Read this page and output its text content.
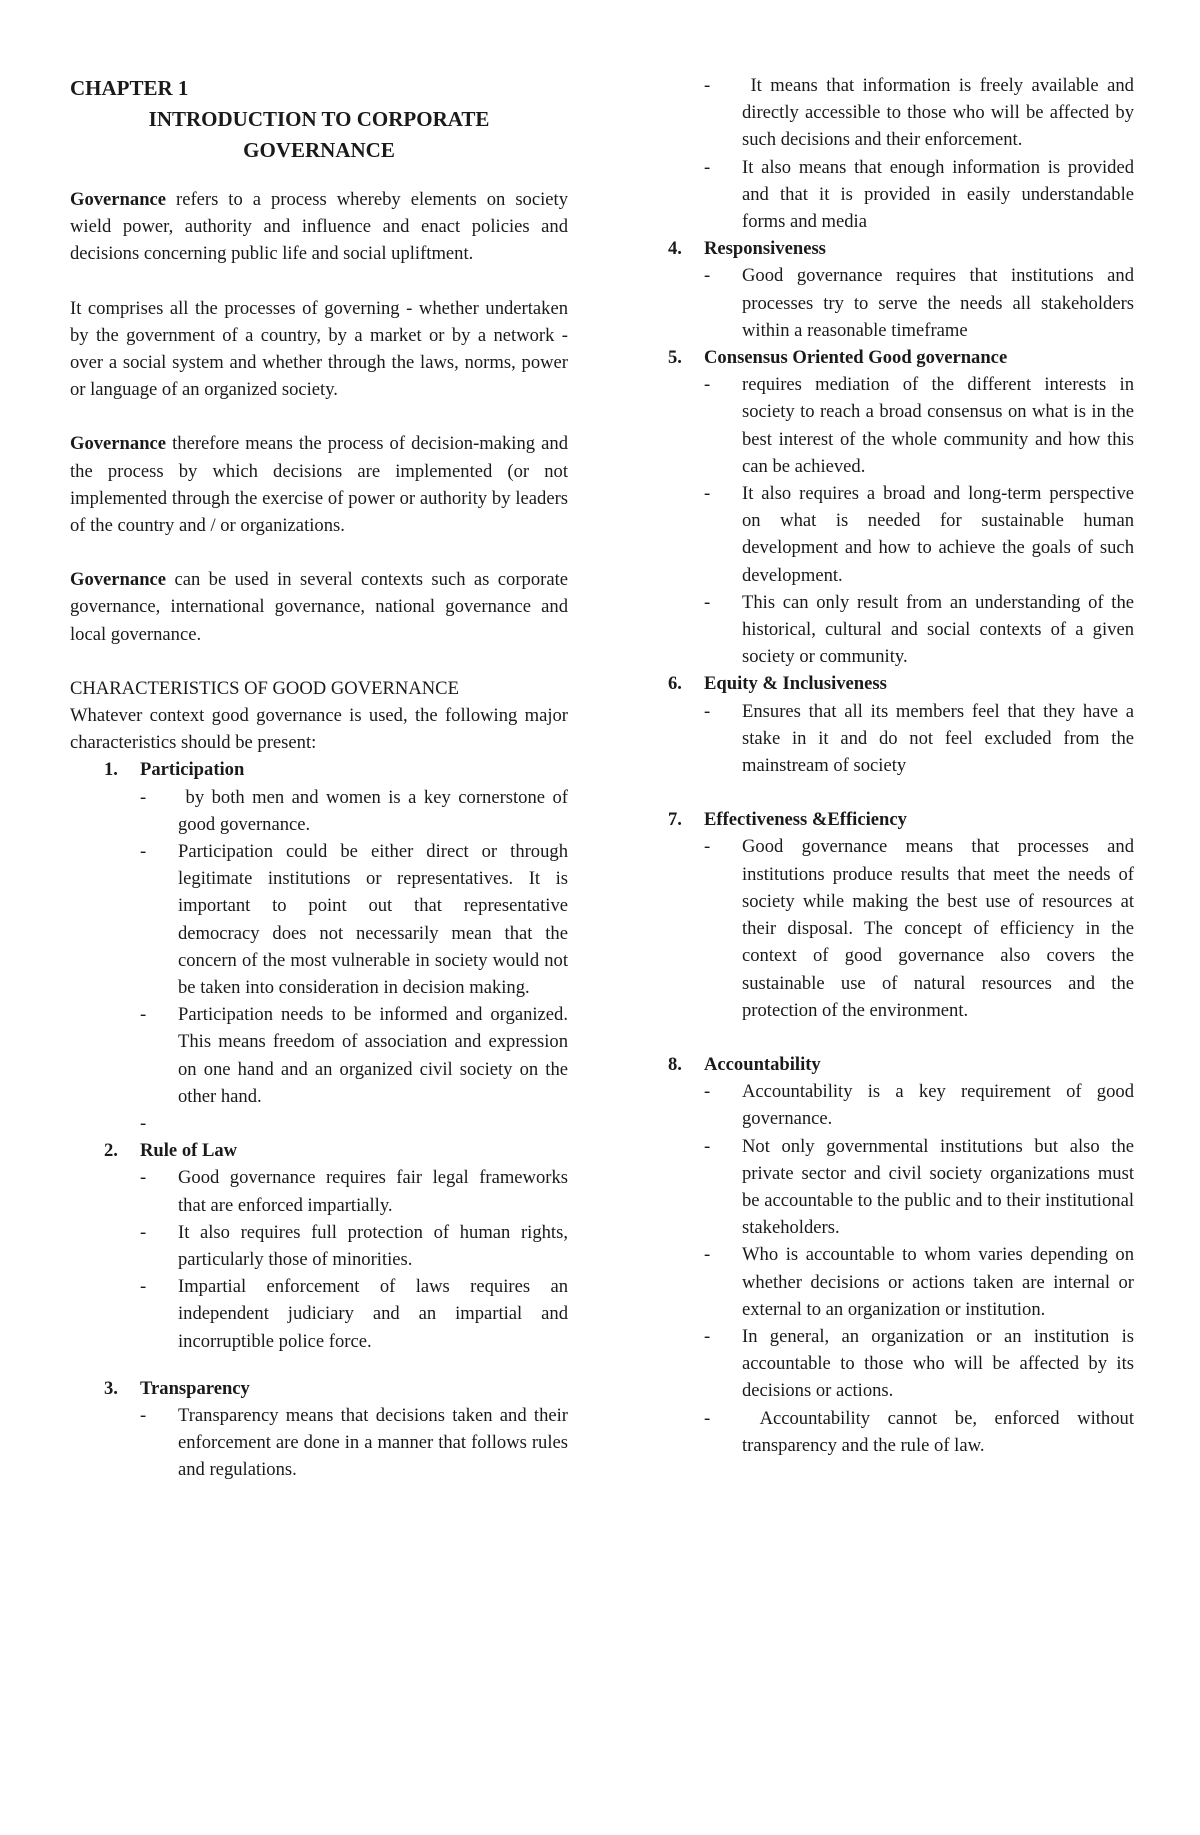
CHAPTER 1
INTRODUCTION TO CORPORATE
GOVERNANCE

Governance refers to a process whereby elements on society wield power, authority and influence and enact policies and decisions concerning public life and social upliftment.

It comprises all the processes of governing - whether undertaken by the government of a country, by a market or by a network - over a social system and whether through the laws, norms, power or language of an organized society.

Governance therefore means the process of decision-making and the process by which decisions are implemented (or not implemented through the exercise of power or authority by leaders of the country and / or organizations.

Governance can be used in several contexts such as corporate governance, international governance, national governance and local governance.

CHARACTERISTICS OF GOOD GOVERNANCE

Whatever context good governance is used, the following major characteristics should be present:

1. Participation
- by both men and women is a key cornerstone of good governance.
- Participation could be either direct or through legitimate institutions or representatives. It is important to point out that representative democracy does not necessarily mean that the concern of the most vulnerable in society would not be taken into consideration in decision making.
- Participation needs to be informed and organized. This means freedom of association and expression on one hand and an organized civil society on the other hand.
-
2. Rule of Law
- Good governance requires fair legal frameworks that are enforced impartially.
- It also requires full protection of human rights, particularly those of minorities.
- Impartial enforcement of laws requires an independent judiciary and an impartial and incorruptible police force.
3. Transparency
- Transparency means that decisions taken and their enforcement are done in a manner that follows rules and regulations.
- It means that information is freely available and directly accessible to those who will be affected by such decisions and their enforcement.
- It also means that enough information is provided and that it is provided in easily understandable forms and media
4. Responsiveness
- Good governance requires that institutions and processes try to serve the needs all stakeholders within a reasonable timeframe
5. Consensus Oriented Good governance
- requires mediation of the different interests in society to reach a broad consensus on what is in the best interest of the whole community and how this can be achieved.
- It also requires a broad and long-term perspective on what is needed for sustainable human development and how to achieve the goals of such development.
- This can only result from an understanding of the historical, cultural and social contexts of a given society or community.
6. Equity & Inclusiveness
- Ensures that all its members feel that they have a stake in it and do not feel excluded from the mainstream of society
7. Effectiveness &Efficiency
- Good governance means that processes and institutions produce results that meet the needs of society while making the best use of resources at their disposal. The concept of efficiency in the context of good governance also covers the sustainable use of natural resources and the protection of the environment.
8. Accountability
- Accountability is a key requirement of good governance.
- Not only governmental institutions but also the private sector and civil society organizations must be accountable to the public and to their institutional stakeholders.
- Who is accountable to whom varies depending on whether decisions or actions taken are internal or external to an organization or institution.
- In general, an organization or an institution is accountable to those who will be affected by its decisions or actions.
- Accountability cannot be, enforced without transparency and the rule of law.
